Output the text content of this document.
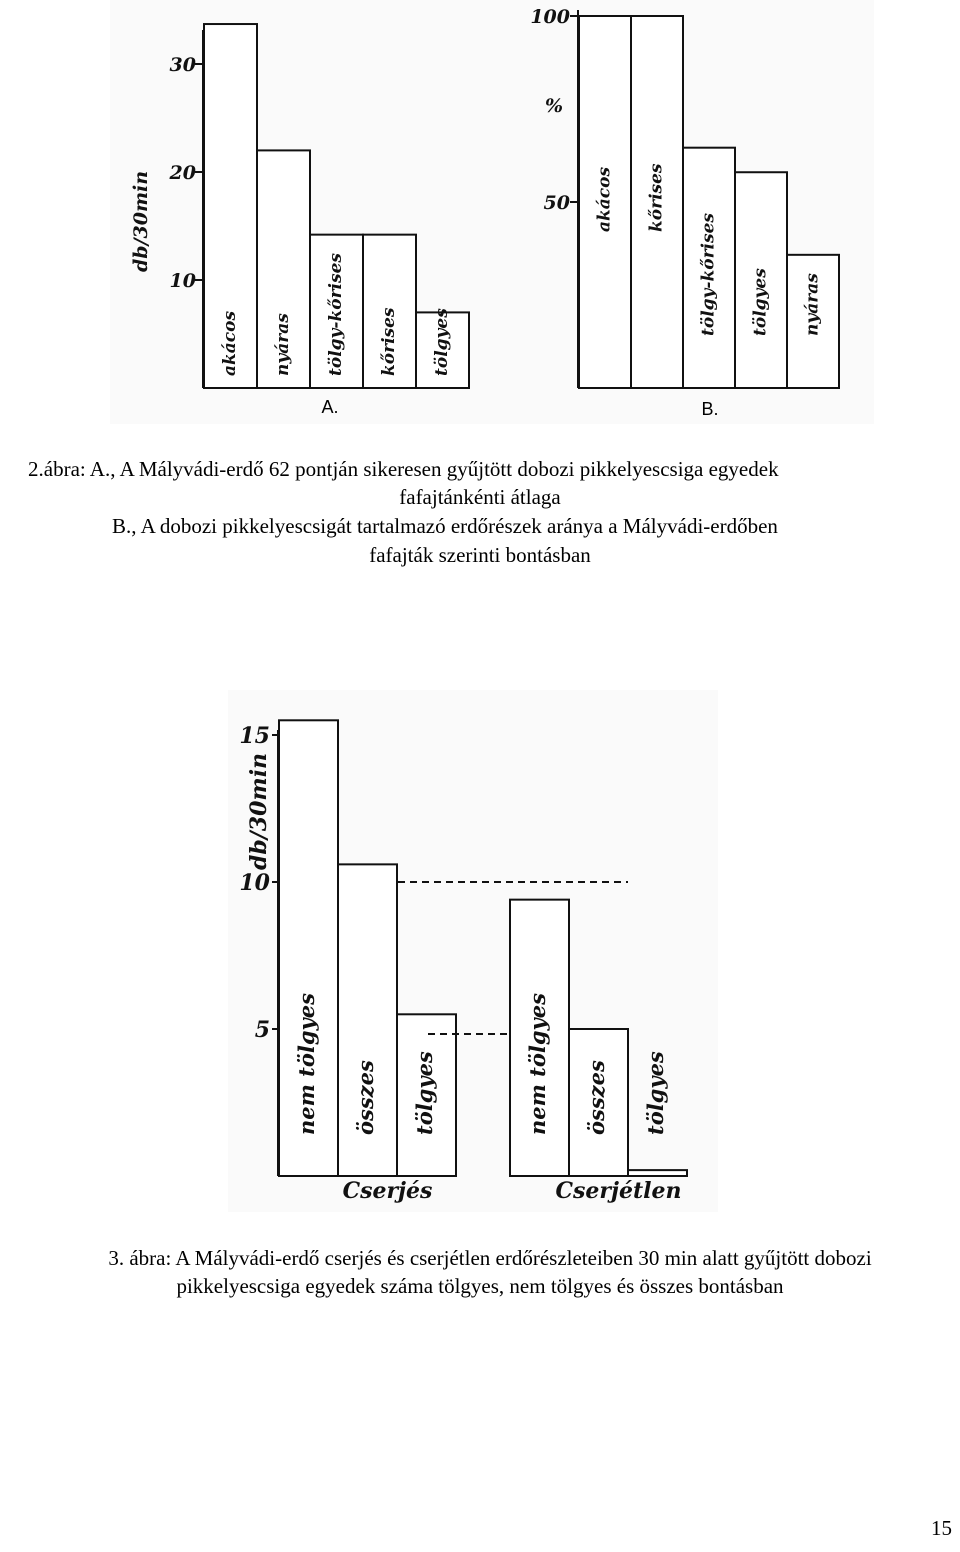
10
20
30
db/30min
akácos nyáras tölgy-kőrises kőrises tölgyes
A.
50
100
%
akácos kőrises
tölgy-kőrises tölgyes nyáras
B.
2.ábra: A., A Mályvádi-erdő 62 pontján sikeresen gyűjtött dobozi pikkelyescsiga egyedek
fafajtánkénti átlaga
B., A dobozi pikkelyescsigát tartalmazó erdőrészek aránya a Mályvádi-erdőben
fafajták szerinti bontásban
5
10
15
db/30min
nem tölgyes összes tölgyes
Cserjés
nem tölgyes összes tölgyes
Cserjétlen
3. ábra: A Mályvádi-erdő cserjés és cserjétlen erdőrészleteiben 30 min alatt gyűjtött dobozi
pikkelyescsiga egyedek száma tölgyes, nem tölgyes és összes bontásban
15
